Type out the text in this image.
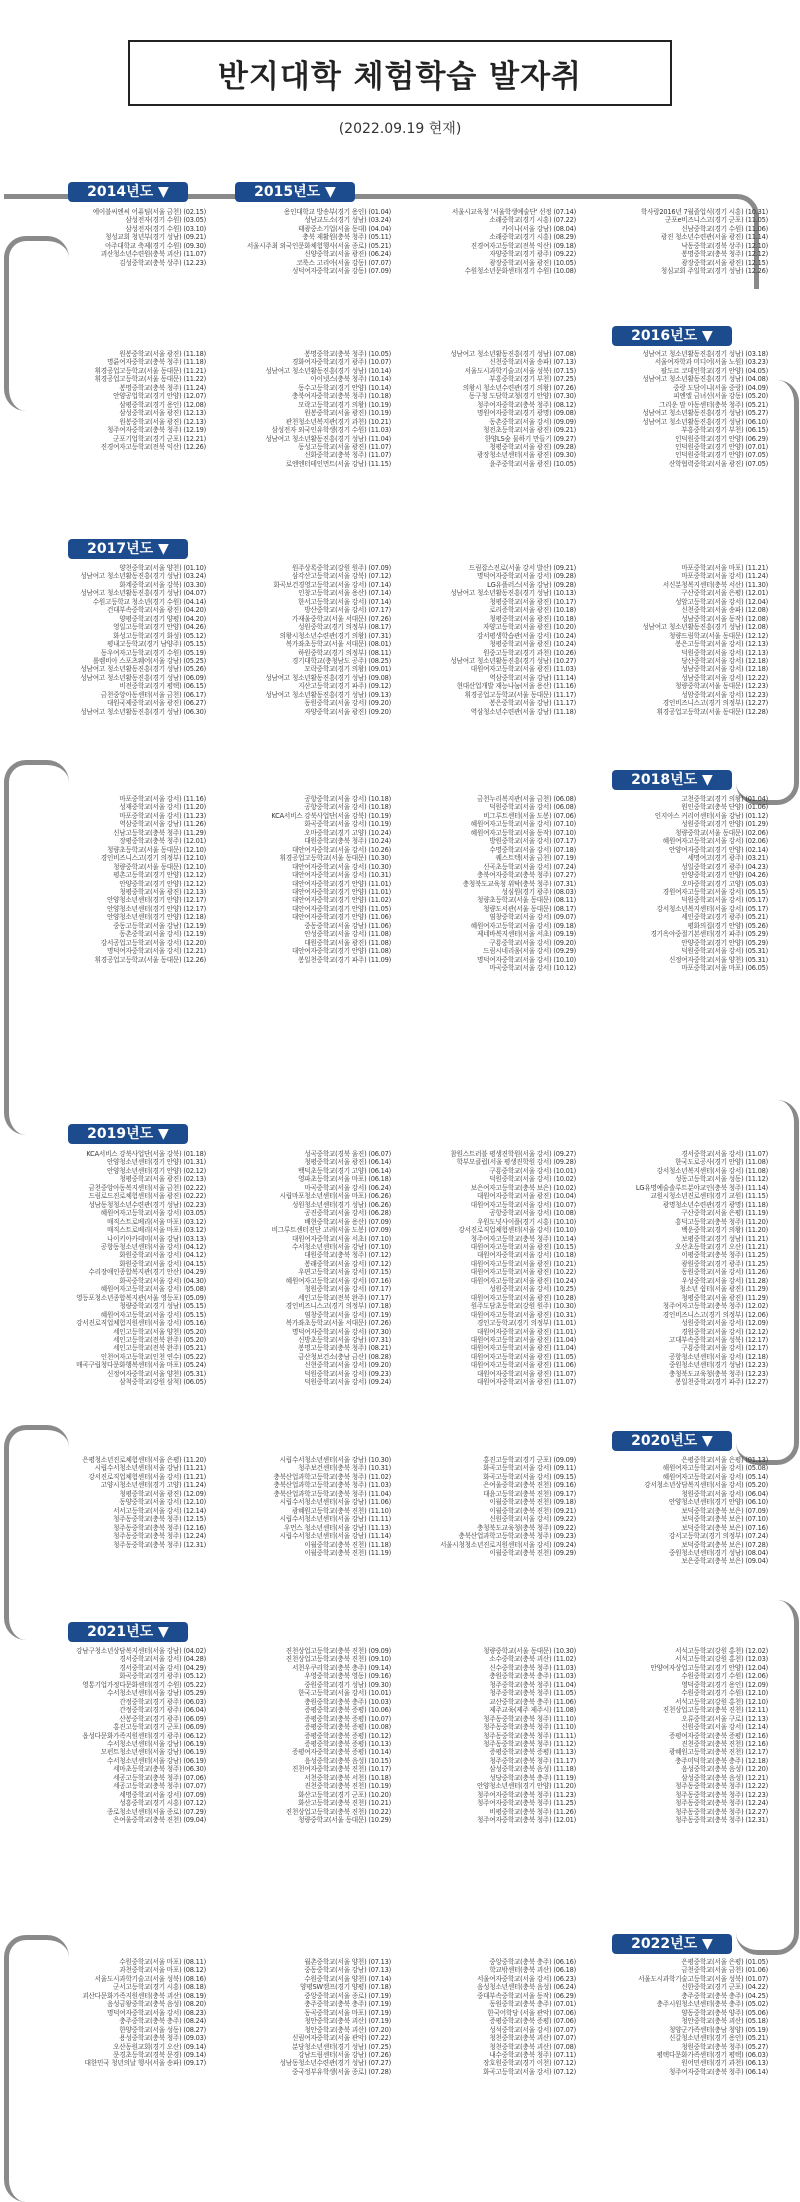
반지대학 체험학습 발자취
(2022.09.19 현재)
2014년도 ▼	2015년도 ▼
2016년도 ▼
2017년도 ▼
2018년도 ▼
2019년도 ▼
2020년도 ▼
2021년도 ▼
2022년도 ▼
에이블씨엔씨 어퓨팀(서울 금천) (02.15)
삼성전자(경기 수원) (03.05)
삼성전자(경기 수원) (03.10)
청성교회 청년부(경기 성남) (09.21)
아주대학교 축제(경기 수원) (09.30)
괴산청소년수련원(충북 괴산) (11.07)
김성중학교(충북 상주) (12.23)
용인대학교 방송부(경기 용인) (01.04)
성남교도소(경기 성남) (03.24)
태광중소기업(서울 동대) (04.04)
충북 재활원(충북 청주) (05.11)
서울시주최 외국인문화체험행사(서울 종로) (05.21)
신양중학교(서울 광진) (06.24)
코룩스 고리아(서울 강동) (07.07)
성덕여자중학교(서울 강동) (07.09)
서울시교육청 '서울학생예술단' 선정 (07.14)
소래중학교(경기 시흥) (07.22)
카이나(서울 강남) (08.04)
소래중학교(경기 시흥) (08.29)
진경여자고등학교(전북 익산) (09.18)
자양중학교(경기 광주) (09.22)
광장중학교(서울 광진) (10.05)
수원청소년문화센터(경기 수원) (10.08)
학사랑2016년 7월졸업식(경기 시흥) (10.31)
군포e비즈니스고(경기 군포) (11.05)
신남중학교(경기 수원) (11.06)
광진 청소년수련관(서울 광진) (11.14)
낙동중학교(경북 상주) (12.10)
봉명중학교(충북 청주) (12.12)
광장중학교(서울 광진) (12.15)
청심교회 주일학교(경기 성남) (12.26)
원봉중학교(서울 광진) (11.18)
명륜여자중학교(충북 청주) (11.18)
휘경공업고등학교(서울 동대문) (11.21)
휘경공업고등학교(서울 동대문) (11.22)
봉명중학교(충북 청주) (11.24)
안양공업학교(경기 안양) (12.07)
삼평중학교(경기 용인) (12.08)
삼성중학교(서울 광진) (12.13)
원봉중학교(서울 광진) (12.13)
청주여자중학교(충북 청주) (12.19)
군포기업학교(경기 군포) (12.21)
진경여자고등학교(전북 익산) (12.26)
봉명중학교(충북 청주) (10.05)
경화여자중학교(경기 광주) (10.07)
성남여고 청소년활동진흥(경기 성남) (10.14)
아이넷스(충북 청주) (10.14)
동수고등학교(경기 안양) (10.14)
충북여자중학교(충북 청주) (10.18)
모락고등학교(경기 의왕) (10.19)
원봉중학교(서울 광진) (10.19)
관천청소년복지관(경기 과천) (10.21)
삼성전자 외국인유학생(경기 수원) (11.03)
성남여고 청소년활동진흥(경기 성남) (11.04)
동성고등학교(서울 광진) (11.07)
신화중학교(충북 청주) (11.07)
로엔엔터테인먼트(서울 강남) (11.15)
성남여고 청소년활동진흥(경기 성남) (07.08)
신천중학교(서울 송파) (07.13)
서울도시과학기술고(서울 성북) (07.15)
부흥중학교(경기 부천) (07.25)
의왕시 청소년수련관(경기 의왕) (07.26)
동구청 도담학교청(경기 안양) (07.30)
청주여자중학교(충북 청주) (08.12)
명원여자중학교(경기 광명) (09.08)
동촌중학교(서울 강서) (09.09)
청전초등학교(서울 광진) (09.21)
한양LS숲 물하기 만들기 (09.27)
청평중학교(서울 광진) (09.28)
광장청소년센터(서울 광진) (09.30)
윤주중학교(서울 광진) (10.05)
성남여고 청소년활동진흥(경기 성남) (03.18)
서울여자학과 미디어(서울 노원) (03.23)
팔도르 코데인학교(경기 안양) (04.05)
성남여고 청소년활동진흥(경기 성남) (04.08)
중랑 도담이니(서울 중랑) (04.09)
피엔엘 금녀신(서울 강동) (05.20)
그리운 맘 아동센터(충북 청주) (05.21)
성남여고 청소년활동진흥(경기 성남) (05.27)
성남여고 청소년활동진흥(경기 성남) (06.10)
부흥중학교(경기 부천) (06.15)
인덕원중학교(경기 안양) (06.29)
인덕원중학교(경기 안양) (07.01)
인덕원중학교(경기 안양) (07.05)
산학협력중학교(서울 광진) (07.05)
양천중학교(서울 양천) (01.10)
성남여고 청소년활동진흥(경기 성남) (03.24)
화계중학교(서울 강북) (03.30)
성남여고 청소년활동진흥(경기 성남) (04.07)
수원고등학교 청소년(경기 수원) (04.14)
건대부속중학교(서울 광진) (04.20)
양평중학교(경기 양평) (04.20)
영일고등학교(경기 안양) (04.26)
화성고등학교(경기 화성) (05.12)
평내고등학교(경기 남양주) (05.15)
동우여자고등학교(경기 수원) (05.19)
롤렘비아 스포츠웨어(서울 강남) (05.25)
성남여고 청소년활동진흥(경기 성남) (05.26)
성남여고 청소년활동진흥(경기 성남) (06.09)
비전중학교(경기 평택) (06.15)
금천중앙아동센터(서울 금천) (06.17)
대원국제중학교(서울 광진) (06.27)
성남여고 청소년활동진흥(경기 성남) (06.30)
원주상록중학교(강원 원주) (07.09)
삼각산고등학교(서울 강북) (07.12)
화곡보건경영고등학교(서울 강서) (07.14)
인창고등학교(서울 용산) (07.14)
한서고등학교(서울 강서) (07.14)
방산중학교(서울 강서) (07.17)
가재울중학교(서울 서대문) (07.26)
성원중학교(경기 의정부) (08.17)
의왕시청소년수련관(경기 의왕) (07.31)
복가좌초등학교(서울 서대문) (08.01)
하원중학교(경기 의정부) (08.11)
경기대학교(충청남도 공주) (08.25)
모락중학교(경기 의왕) (09.01)
성남여고 청소년활동진흥(경기 성남) (09.08)
지산고등학교(경기 파주) (09.12)
성남여고 청소년활동진흥(경기 성남) (09.13)
동원중학교(서울 강서) (09.20)
자양중학교(서울 광진) (09.20)
드림잡스진로(서울 강서 발산) (09.21)
명덕여자중학교(서울 강서) (09.28)
LG유플러스(서울 강남) (09.28)
성남여고 청소년활동진흥(경기 성남) (10.13)
청평중학교(서울 광진) (10.17)
로리증학교(서울 광진) (10.18)
청평중학교(서울 광진) (10.18)
자양고등학교(서울 광진) (10.20)
강서평생학습관(서울 강서) (10.24)
청평중학교(서울 광진) (10.24)
원중고등학교(경기 과천) (10.26)
성남여고 청소년활동진흥(경기 성남) (10.27)
대원여자고등학교(서울 광진) (11.03)
역삼중학교(서울 강남) (11.14)
현대산업개발 재능나눔(서울 용산) (11.16)
휘경공업고등학교(서울 동대문) (11.17)
봉은중학교(서울 강남) (11.17)
역삼청소년수련관(서울 강남) (11.18)
마포중학교(서울 마포) (11.21)
마포중학교(서울 강서) (11.24)
서신분청복지센터(충북 서산) (11.30)
구산중학교(서울 은평) (12.01)
성암고등학교(서울 강서) (12.04)
신천중학교(서울 송파) (12.08)
성남중학교(서울 동작) (12.08)
성남여고 청소년활동진흥(경기 성남) (12.08)
청량드림학교(서울 동대문) (12.12)
봉은고등학교(서울 강서) (12.13)
덕원중학교(서울 강서) (12.13)
당산중학교(서울 강서) (12.18)
성남중학교(서울 강서) (12.18)
성남중학교(서울 강서) (12.22)
청량중학교(서울 동대문) (12.23)
성암중학교(서울 강서) (12.23)
경인비즈니스고(경기 의정부) (12.27)
휘경공업고등학교(서울 동대문) (12.28)
마포중학교(서울 강서) (11.16)
성재중학교(서울 강서) (11.20)
마포중학교(서울 강서) (11.23)
역삼중학교(서울 강남) (11.26)
신남고등학교(충북 청주) (11.29)
장평중학교(충북 청주) (12.01)
청량초등학교(서울 동대문) (12.10)
경인비즈니스고(경기 의정부) (12.10)
청량중학교(서울 동대문) (12.10)
평촌고등학교(경기 안양) (12.12)
안양중학교(경기 안양) (12.12)
청평중학교(서울 광진) (12.13)
안양청소년센터(경기 안양) (12.17)
안양청소년센터(경기 안양) (12.17)
안양청소년센터(경기 안양) (12.18)
중동고등학교(서울 강남) (12.19)
동촌중학교(서울 강서) (12.19)
강서공업고등학교(서울 강서) (12.20)
명덕여자중학교(서울 강서) (12.21)
휘경공업고등학교(서울 동대문) (12.26)
공항중학교(서울 강서) (10.18)
공항중학교(서울 강서) (10.18)
KCA서비스 강북사업단(서울 강북) (10.19)
화곡중학교(서울 강서) (10.19)
오마중학교(경기 고양) (10.24)
대원중학교(충북 청주) (10.24)
대안여자중학교(서울 강서) (10.26)
휘경공업고등학교(서울 동대문) (10.30)
대안여자중학교(서울 강서) (10.30)
대안여자중학교(서울 강서) (10.31)
대안여자중학교(경기 안양) (11.01)
대안여자중학교(경기 안양) (11.01)
대안여자중학교(경기 안양) (11.02)
대안여자중학교(경기 안양) (11.05)
대안여자중학교(경기 안양) (11.06)
중동중학교(서울 강남) (11.06)
안성중학교(서울 강서) (11.08)
대원중학교(서울 광진) (11.08)
대안여자중학교(경기 안양) (11.08)
봉일천중학교(경기 파주) (11.09)
금천누리복지관(서울 금천) (06.08)
덕원중학교(서울 강서) (06.08)
비그루트센터(서울 도봉) (07.06)
혜원여자고등학교(서울 강서) (07.10)
혜원여자고등학교(서울 동작) (07.10)
방원중학교(서울 강서) (07.17)
수명중학교(서울 강서) (07.18)
퀘스트텍(서울 금천) (07.19)
신곡초등학교(서울 강서) (07.24)
충북여자중학교(충북 청주) (07.27)
충청북도교육청 위탁(충북 청주) (07.31)
성심원(경기 광주) (08.03)
청량초등학교(서울 동대문) (08.11)
청량도서관(서울 동대문) (08.17)
염창중학교(서울 강서) (09.07)
혜원여자고등학교(서울 강서) (09.18)
제네바복지센터(서울 서초) (09.19)
구룡중학교(서울 강서) (09.20)
드림시네리움(서울 강서) (09.29)
명덕여자중학교(서울 강서) (10.10)
마곡중학교(서울 강서) (10.12)
고천중학교(경기 의왕) (01.04)
원인중학교(충북 단양) (01.06)
인지아스 커리어센터(서울 강남) (01.12)
성원중학교(경기 안양) (01.29)
청량중학교(서울 동대문) (02.06)
혜원여자고등학교(서울 강서) (02.06)
안양여자중학교(경기 안양) (02.14)
세명여고(경기 광주) (03.21)
성일중학교(경기 광주) (04.23)
안양중학교(경기 안양) (04.26)
오마중학교(경기 고양) (05.03)
경원여자고등학교(서울 강서) (05.15)
덕원중학교(서울 강서) (05.17)
강서청소년복지센터(서울 강서) (05.17)
세인중학교(경기 광주) (05.21)
평화의집(경기 안양) (05.26)
경기옥야중절기본센터(경기 파주) (05.29)
안양중학교(경기 안양) (05.29)
덕원중학교(서울 강서) (05.31)
신정여자중학교(서울 양천) (05.31)
마포중학교(서울 마포) (06.05)
KCA서비스 강북사업단(서울 강북) (01.18)
안양청소년센터(경기 안양) (01.31)
안양청소년센터(경기 안양) (02.12)
청평중학교(서울 광진) (02.13)
금천중앙아동복지센터(서울 금천) (02.22)
드림로드진로체험센터(서울 광진) (02.22)
성남동청청소년수련관(경기 성남) (02.23)
혜원여자고등학교(서울 강서) (03.05)
매직스트로베리(서울 마포) (03.12)
매직스트로베리(서울 마포) (03.12)
나이키아카데미(서울 강남) (03.13)
공항동청소년센터(서울 강서) (04.12)
화원중학교(서울 강서) (04.12)
화원중학교(서울 강서) (04.15)
수리장애인종합복지관(경기 안산) (04.29)
화곡중학교(서울 강서) (04.30)
혜원여자고등학교(서울 강서) (05.08)
영등포청소년종합복지관(서울 영등포) (05.09)
청량중학교(경기 성남) (05.15)
혜원여자고등학교(서울 강서) (05.15)
강서진로직업체험지원센터(서울 강서) (05.16)
세인고등학교(서울 양천) (05.20)
세인고등학교(전북 완주) (05.20)
세인고등학교(전북 완주) (05.21)
인천여자고등학교(인천 연수) (05.22)
매곡구립청다문화행복센터(서울 마포) (05.24)
신정여자중학교(서울 양천) (05.31)
삼척중학교(강원 삼척) (06.05)
성곡중학교(경북 울진) (06.07)
청평중학교(서울 광진) (06.14)
백덕초등학교(경기 고양) (06.14)
영파초등학교(서울 마포) (06.18)
마곡중학교(서울 강서) (06.24)
시립마포청소년센터(서울 마포) (06.26)
성원청소년센터(경기 성남) (06.26)
공진중학교(서울 강서) (06.28)
배현중학교(서울 용산) (07.09)
비그루트센터진단 고려(서울 도봉) (07.09)
대원여자중학교(서울 서초) (07.10)
수서청소년센터(서울 강남) (07.10)
대원중학교(충북 청주) (07.12)
봉래중학교(서울 강서) (07.12)
우편고등학교(서울 강서) (07.15)
혜원여자고등학교(서울 강서) (07.16)
청원중학교(서울 강서) (07.17)
세인고등학교(전북 완주) (07.17)
경인비즈니스고(경기 의정부) (07.18)
염창중학교(서울 강서) (07.19)
복가좌초등학교(서울 서대문) (07.26)
명덕여자중학교(서울 강서) (07.30)
신방초등학교(서울 강남) (07.31)
봉명고등학교(충북 청주) (08.21)
금산청보건소(충남 금산) (08.28)
신현중학교(서울 강서) (09.20)
덕원중학교(서울 강서) (09.23)
덕원중학교(서울 강서) (09.24)
참원스트러블 평생진학원(서울 강서) (09.27)
학부모클럽(서울 평생진학원 강서) (09.28)
구룡중학교(서울 강서) (10.01)
덕원중학교(서울 강서) (10.02)
보은여자고등학교(충북 보은) (10.02)
대원여자중학교(서울 광진) (10.04)
대원여자고등학교(서울 강서) (10.07)
공항중학교(서울 강서) (10.08)
우원도넛사이플(경기 시흥) (10.10)
강서진로직업체험센터(서울 강서) (10.10)
청주여자고등학교(충북 청주) (10.14)
대원여자고등학교(서울 광진) (10.15)
대원여자중학교(서울 강서) (10.18)
대원여자고등학교(서울 광진) (10.21)
대원여자고등학교(서울 광진) (10.22)
대원여자고등학교(서울 광진) (10.24)
성원중학교(서울 강서) (10.25)
대원여자고등학교(서울 광진) (10.28)
원주도담초등학교(강원 원주) (10.30)
대원여자고등학교(서울 광진) (10.31)
경인고등학교(경기 의정부) (11.01)
대원여자중학교(서울 광진) (11.01)
대원여자고등학교(서울 광진) (11.04)
대원여자고등학교(서울 광진) (11.04)
대원여자고등학교(서울 광진) (11.05)
대원여자고등학교(서울 광진) (11.06)
대원여자중학교(서울 광진) (11.07)
대원여자중학교(서울 광진) (11.07)
경서중학교(서울 강서) (11.07)
한국도로공사(경기 안양) (11.08)
강서청소년복지센터(서울 강서) (11.08)
성동고등학교(서울 성동) (11.12)
LG유명예술솔루트분야교인(충북 청주) (11.14)
교원시청소년진로센터(경기 교원) (11.15)
광명청소년수련관(경기 광명) (11.18)
구산중학교(서울 은평) (11.19)
흥덕고등학교(충북 청주) (11.20)
백운중학교(경기 의왕) (11.20)
보평중학교(경기 성남) (11.21)
오산초등학교(경기 오산) (11.21)
이평중학교(충북 청주) (11.25)
광원중학교(경기 광주) (11.25)
동원중학교(서울 강서) (11.26)
우성중학교(서울 강서) (11.28)
청소년 쉼터(서울 광진) (11.29)
청평중학교(서울 광진) (11.29)
청주여자고등학교(충북 청주) (12.02)
경인비즈니스고(경기 의정부) (12.06)
성원중학교(서울 강서) (12.09)
경원중학교(서울 강서) (12.12)
고대부속중학교(서울 성북) (12.17)
구룡중학교(서울 강서) (12.17)
공항청소년센터(서울 강서) (12.18)
중원청소년센터(경기 성남) (12.23)
충청북도교육청(충북 청주) (12.23)
봉일천중학교(경기 파주) (12.27)
은평청소년진로체험센터(서울 은평) (11.20)
시립수서청소년센터(서울 강남) (11.21)
강서진로직업체험센터(서울 강서) (11.21)
고양시청소년센터(경기 고양) (11.24)
청평중학교(서울 광진) (12.09)
동양중학교(서울 강서) (12.10)
서서고등학교(서울 강서) (12.14)
청주동중학교(충북 청주) (12.15)
청주동중학교(충북 청주) (12.16)
청주동중학교(충북 청주) (12.24)
청주동중학교(충북 청주) (12.31)
시립수서청소년센터(서울 강남) (10.30)
청주보건센터(충북 청주) (10.31)
충북산업과학고등학교(충북 청주) (11.02)
충북산업과학고등학교(충북 청주) (11.03)
충북산업과학고등학교(충북 청주) (11.04)
시립수서청소년센터(서울 강남) (11.06)
광혜원고등학교(충북 진천) (11.10)
시립수서청소년센터(서울 강남) (11.11)
우먼스 청소년센터(서울 강남) (11.13)
시립수서청소년센터(서울 강남) (11.14)
이월중학교(충북 진천) (11.18)
이월중학교(충북 진천) (11.19)
홍진고등학교(경기 군포) (09.09)
화곡고등학교(서울 강서) (09.11)
화곡고등학교(서울 강서) (09.15)
은여울중학교(충북 진천) (09.16)
대윤고등학교(충북 진천) (09.17)
이월중학교(충북 진천) (09.18)
이월중학교(충북 진천) (09.21)
신원중학교(서울 강서) (09.22)
충청북도교육청(충북 청주) (09.22)
충북산업과학고등학교(충북 청주) (09.23)
서울시청청소년진로지원센터(서울 강서) (09.24)
이월중학교(충북 진천) (09.29)
은평중학교(서울 은평) (01.13)
해원여자고등학교(서울 강서) (05.08)
혜원여자고등학교(서울 강서) (05.14)
강서청소년상담복지센터(서울 강서) (05.20)
청원중학교(서울 강서) (06.04)
안양청소년센터(경기 안양) (06.10)
보덕중학교(충북 보은) (07.09)
보덕중학교(충북 보은) (07.10)
보덕중학교(충북 보은) (07.16)
강서고등학교(경기 의정부) (07.24)
보덕중학교(충북 보은) (07.28)
중원청소년센터(경기 성남) (08.04)
보은중학교(충북 보은) (09.04)
강남구청소년상담복지센터(서울 강남) (04.02)
경서중학교(서울 강서) (04.28)
경서중학교(서울 강서) (04.29)
화곡중학교(경기 광주) (05.12)
영통기업가정다문화센터(경기 수원) (05.22)
수서청소년센터(서울 강남) (05.29)
간정중학교(경기 광주) (06.03)
간정중학교(경기 광주) (06.04)
산봉중학교(경기 광주) (06.09)
홍진고등학교(경기 군포) (06.09)
옵성다문화가족지원센터(경기 광주) (06.12)
수서청소년센터(서울 강남) (06.19)
모펀트청소년센터(서울 강남) (06.19)
수서청소년센터(서울 강남) (06.19)
세마초등학교(충북 청주) (06.30)
세공고등학교(충북 청주) (07.06)
세공고등학교(충북 청주) (07.07)
세명중학교(서울 강서) (07.09)
성흥중학교(경기 시흥) (07.12)
종로청소년센터(서울 종로) (07.29)
은여울중학교(충북 진천) (09.04)
진천상업고등학교(충북 진천) (09.09)
진천상업고등학교(충북 진천) (09.10)
서천우쿠리학교(충북 충주) (09.14)
우영중학교(충북 영동) (09.16)
중원중학교(경기 성남) (09.30)
한국고등학교(서울 강서) (10.01)
충원중학교(충북 충주) (10.03)
증평중학교(충북 증평) (10.06)
증평중학교(충북 증평) (10.07)
증평중학교(충북 증평) (10.08)
증평중학교(충북 증평) (10.12)
증평중학교(충북 증평) (10.13)
증평여자중학교(충북 증평) (10.14)
음성중학교(충북 음성) (10.15)
진천여자중학교(충북 진천) (10.17)
서천중학교(충북 서천) (10.18)
진천중학교(충북 진천) (10.19)
화산고등학교(경기 군포) (10.20)
화산고등학교(충북 진천) (10.21)
진천상업고등학교(충북 진천) (10.22)
청량중학교(서울 동대문) (10.29)
청량중학교(서울 동대문) (10.30)
소수중학교(충북 괴산) (11.02)
신수중학교(충북 청주) (11.03)
충원중학교(충북 충주) (11.03)
청주중학교(충북 청주) (11.04)
청주중학교(충북 청주) (11.05)
교산중학교(충북 충주) (11.06)
제주교육(제주 제주시) (11.08)
청주동중학교(충북 청주) (11.10)
청주동중학교(충북 청주) (11.10)
청주동중학교(충북 청주) (11.11)
청주동중학교(충북 청주) (11.12)
증평중학교(충북 증평) (11.13)
청주중학교(충북 청주) (11.17)
삼성중학교(충북 음성) (11.18)
성당중학교(충북 충주) (11.19)
안양청소년센터(경기 안양) (11.20)
청주여자중학교(충북 청주) (11.23)
청주여자중학교(충북 청주) (11.25)
비평중학교(충북 청주) (11.26)
청주여자중학교(충북 청주) (12.01)
서석고등학교(강원 홍천) (12.02)
서석고등학교(강원 홍천) (12.03)
안양여자상업고등학교(경기 안양) (12.04)
수원중학교(경기 수원) (12.06)
영덕중학교(경기 용인) (12.09)
수원중학교(경기 수원) (12.10)
서석고등학교(강원 홍천) (12.10)
진천상업고등학교(충북 진천) (12.11)
오류중학교(서울 구로) (12.13)
신원중학교(서울 강서) (12.14)
증평여자중학교(충북 증평) (12.16)
진천중학교(충북 진천) (12.16)
광혜원고등학교(충북 진천) (12.17)
충주미덕학교(충북 충주) (12.18)
음성중학교(충북 음성) (12.20)
삼성중학교(충북 음성) (12.21)
청주동중학교(충북 청주) (12.22)
청주동중학교(충북 청주) (12.23)
청주동중학교(충북 청주) (12.24)
청주동중학교(충북 청주) (12.27)
청주동중학교(충북 청주) (12.31)
수원중학교(서울 마포) (08.11)
과천중학교(서울 마포) (08.12)
서울도시과학기술고(서울 성북) (08.16)
군서고등학교(경기 시흥) (08.18)
괴산다문화가족지원센터(충북 괴산) (08.19)
음성금왕중학교(충북 음성) (08.20)
명덕여자중학교(서울 강서) (08.23)
충주중학교(충북 충주) (08.24)
한양중학교(서울 성동) (08.27)
용성중학교(충북 청주) (09.03)
오산동원교회(경기 오산) (09.14)
문경초등학교(경북 문경) (09.14)
대한민국 청년의날 행사(서울 송파) (09.17)
월촌중학교(서울 양천) (07.13)
중동중학교(서울 강남) (07.13)
수원중학교(서울 양천) (07.14)
양평SW캠프(경기 양평) (07.18)
중앙중학교(서울 종로) (07.19)
충주중학교(충북 충주) (07.19)
동곡중학교(서울 마포) (07.19)
청안중학교(충북 괴산) (07.19)
청안중학교(충북 괴산) (07.20)
신림여자중학교(서울 관악) (07.22)
분당청소년센터(경기 성남) (07.25)
강남드림센터(서울 강남) (07.26)
성남동청소년수련관(경기 성남) (07.27)
중국정부유학생(서울 종로) (07.28)
중앙중학교(충북 충주) (06.16)
학교밖센터(충북 괴산) (06.18)
서울여자중학교(서울 강서) (06.23)
음성청소년센터(충북 음성) (06.24)
중대부속중학교(서울 동작) (06.29)
동원중학교(충북 충주) (07.01)
한국어학당 (서울 관악) (07.06)
증평중학교(충북 증평) (07.06)
성석중학교(서울 강서) (07.07)
청천중학교(충북 괴산) (07.07)
청천중학교(충북 괴산) (07.08)
내수중학교(충북 청주) (07.11)
장호원중학교(경기 이천) (07.12)
화곡고등학교(서울 강서) (07.12)
은평중학교(서울 은평) (01.05)
금천중학교(서울 금천) (01.06)
서울도시과학기술고등학교(서울 성북) (01.07)
신한중학교(경기 군포) (04.22)
충주중학교(충북 충주) (04.25)
충주시원청소년센터(충북 충주) (05.02)
양동중학교(충북 양주) (05.06)
청안중학교(충북 괴산) (05.18)
청양군가족센터(충남 청양) (05.19)
신갈청소년센터(경기 용인) (05.21)
청원중학교(충북 청주) (05.27)
평택다문화가족센터(경기 평택) (06.03)
원어민센터(경기 과천) (06.13)
청주여자중학교(충북 청주) (06.14)
